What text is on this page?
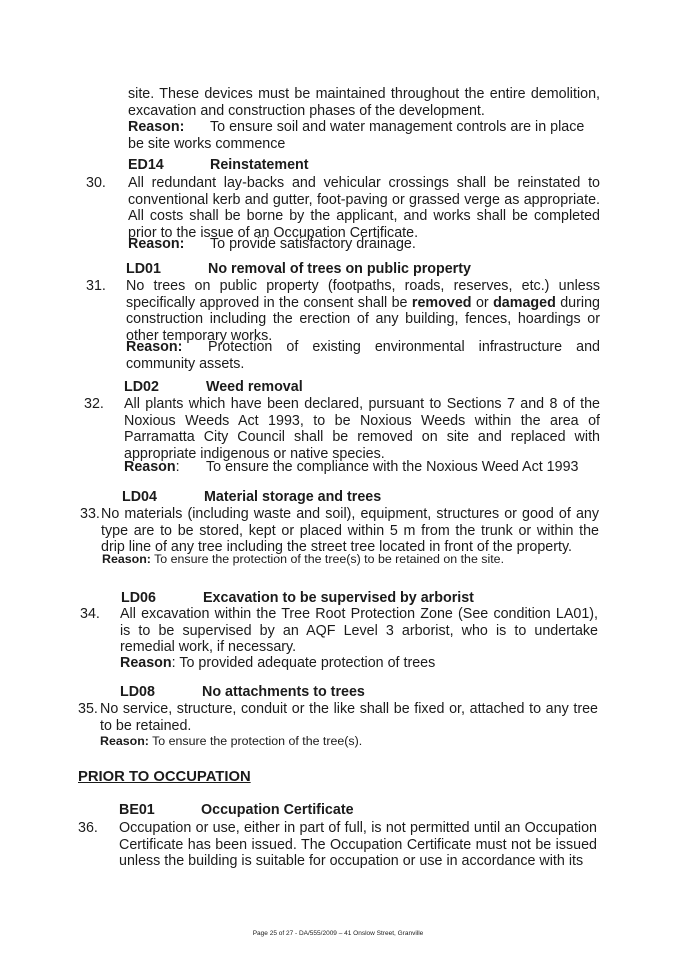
site. These devices must be maintained throughout the entire demolition, excavation and construction phases of the development.

Reason: To ensure soil and water management controls are in place be site works commence

ED14	Reinstatement
30. All redundant lay-backs and vehicular crossings shall be reinstated to conventional kerb and gutter, foot-paving or grassed verge as appropriate. All costs shall be borne by the applicant, and works shall be completed prior to the issue of an Occupation Certificate.

Reason: To provide satisfactory drainage.

LD01	No removal of trees on public property
31. No trees on public property (footpaths, roads, reserves, etc.) unless specifically approved in the consent shall be removed or damaged during construction including the erection of any building, fences, hoardings or other temporary works.

Reason: Protection of existing environmental infrastructure and community assets.

LD02	Weed removal
32. All plants which have been declared, pursuant to Sections 7 and 8 of the Noxious Weeds Act 1993, to be Noxious Weeds within the area of Parramatta City Council shall be removed on site and replaced with appropriate indigenous or native species.

Reason: To ensure the compliance with the Noxious Weed Act 1993

LD04	Material storage and trees
33. No materials (including waste and soil), equipment, structures or good of any type are to be stored, kept or placed within 5 m from the trunk or within the drip line of any tree including the street tree located in front of the property.

Reason: To ensure the protection of the tree(s) to be retained on the site.

LD06	Excavation to be supervised by arborist
34. All excavation within the Tree Root Protection Zone (See condition LA01), is to be supervised by an AQF Level 3 arborist, who is to undertake remedial work, if necessary.

Reason: To provided adequate protection of trees

LD08	No attachments to trees
35. No service, structure, conduit or the like shall be fixed or, attached to any tree to be retained.

Reason: To ensure the protection of the tree(s).

PRIOR TO OCCUPATION
BE01	Occupation Certificate
36. Occupation or use, either in part of full, is not permitted until an Occupation Certificate has been issued. The Occupation Certificate must not be issued unless the building is suitable for occupation or use in accordance with its

Page 25 of 27 - DA/555/2009 – 41 Onslow Street, Granville
